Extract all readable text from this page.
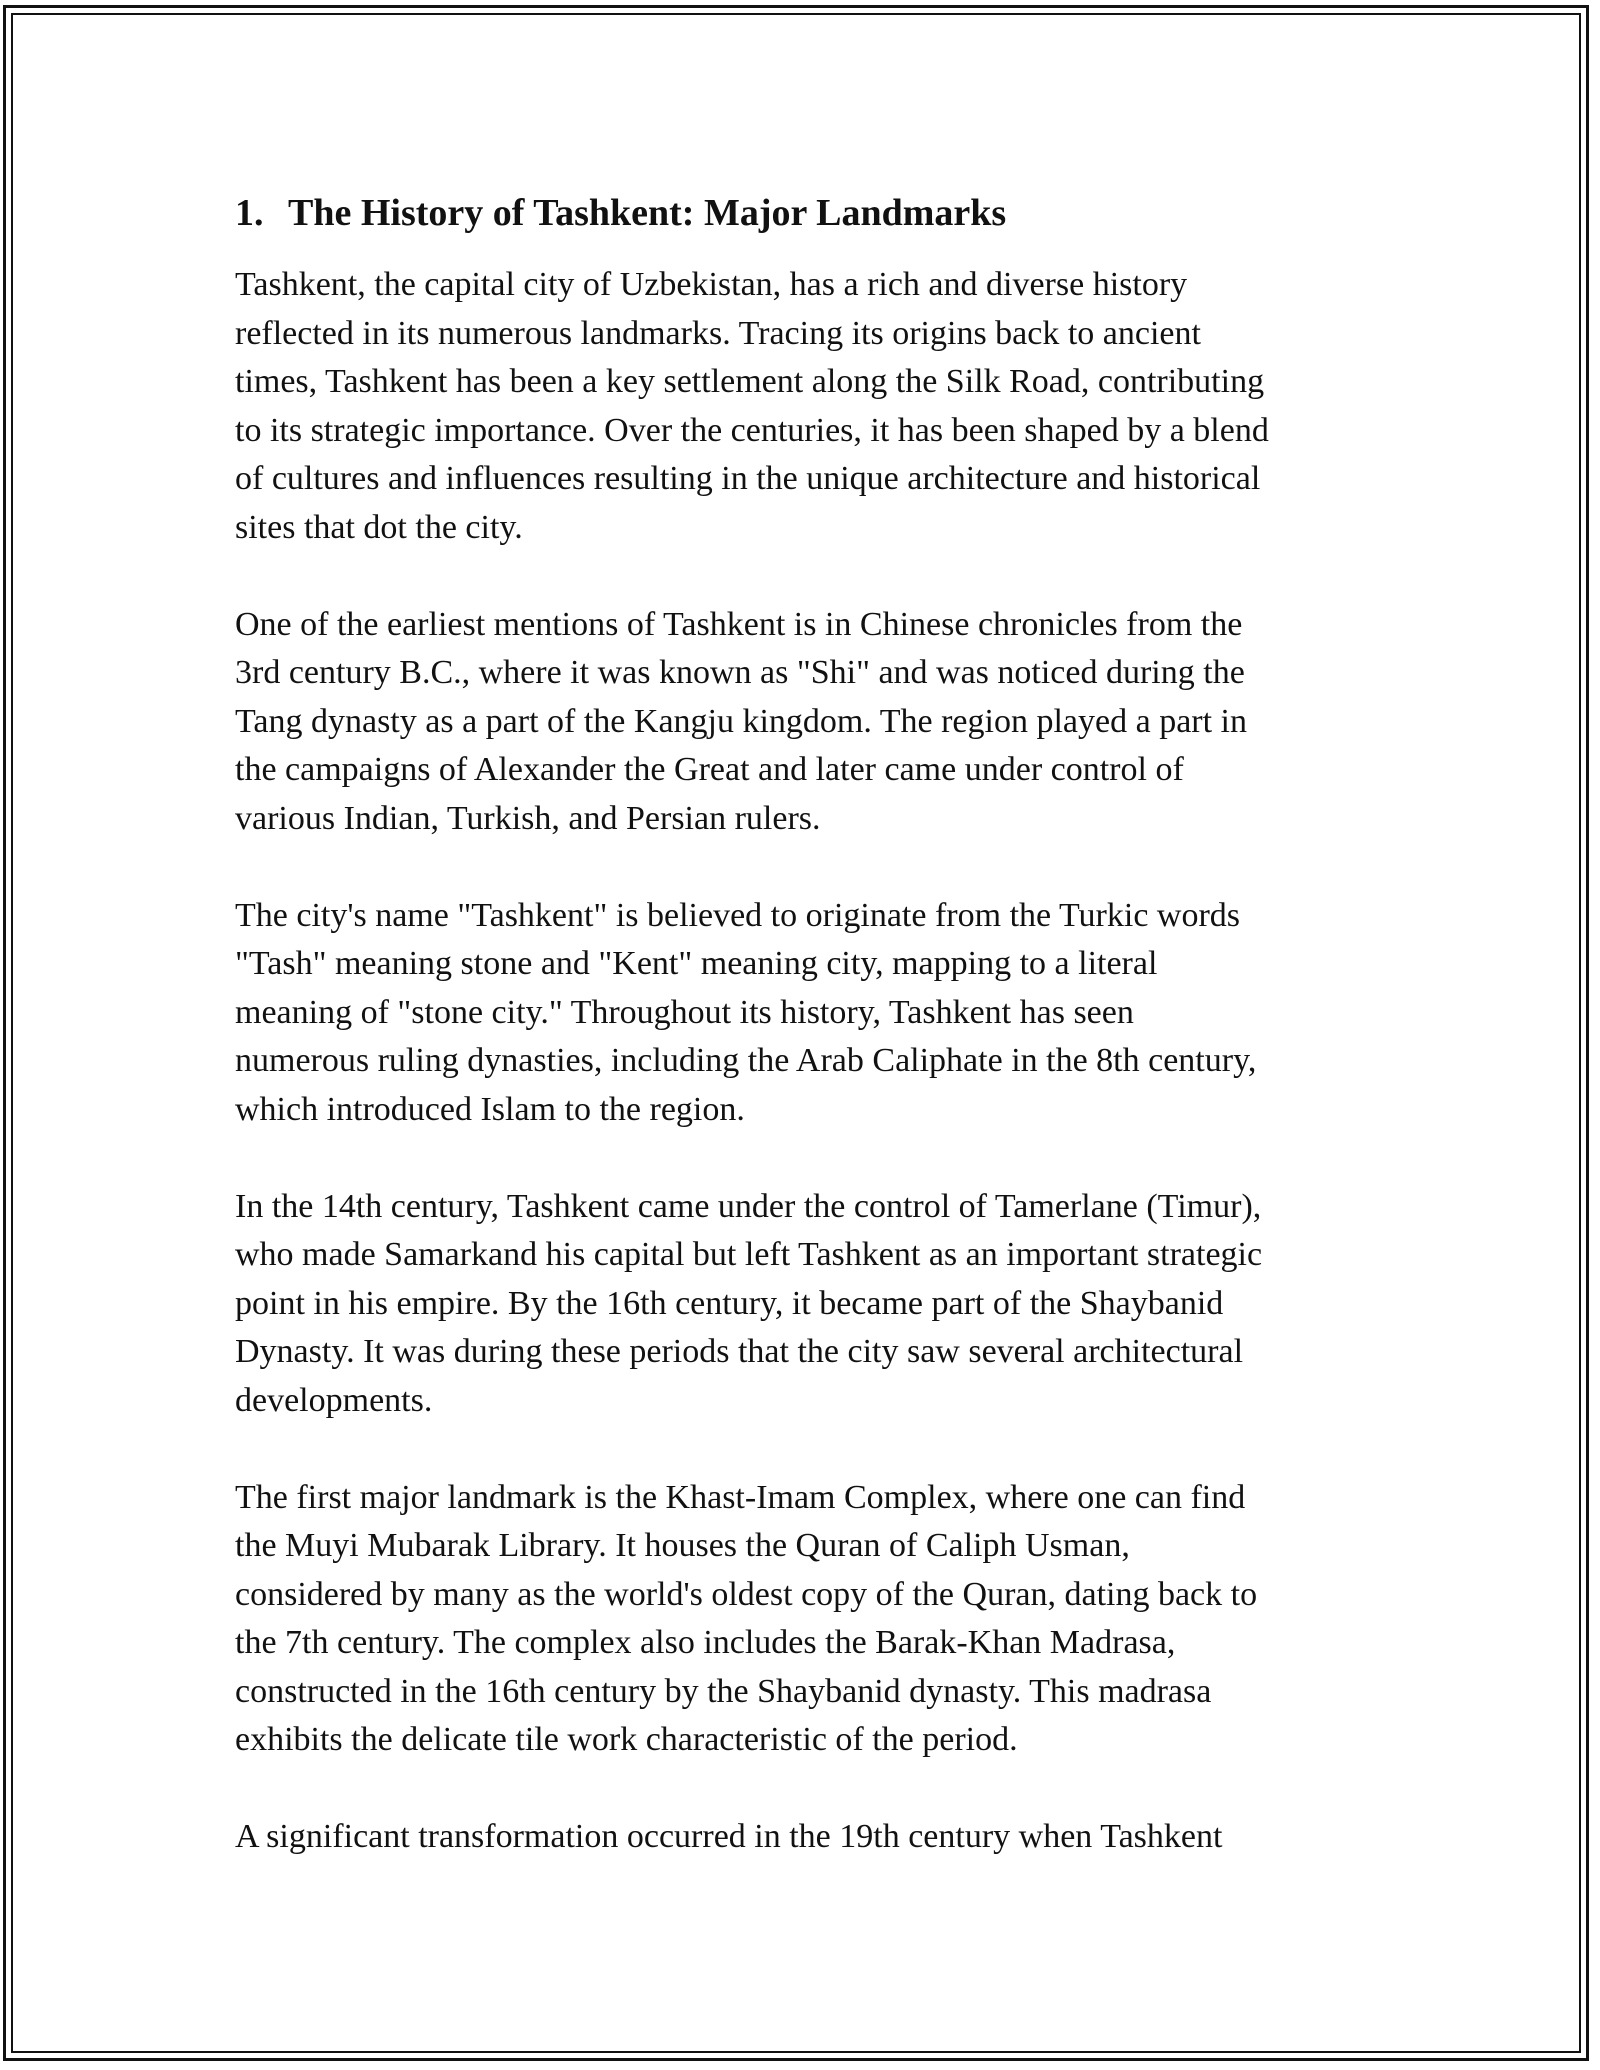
1. The History of Tashkent: Major Landmarks
Tashkent, the capital city of Uzbekistan, has a rich and diverse history
reflected in its numerous landmarks. Tracing its origins back to ancient
times, Tashkent has been a key settlement along the Silk Road, contributing
to its strategic importance. Over the centuries, it has been shaped by a blend
of cultures and influences resulting in the unique architecture and historical
sites that dot the city.
One of the earliest mentions of Tashkent is in Chinese chronicles from the
3rd century B.C., where it was known as "Shi" and was noticed during the
Tang dynasty as a part of the Kangju kingdom. The region played a part in
the campaigns of Alexander the Great and later came under control of
various Indian, Turkish, and Persian rulers.
The city's name "Tashkent" is believed to originate from the Turkic words
"Tash" meaning stone and "Kent" meaning city, mapping to a literal
meaning of "stone city." Throughout its history, Tashkent has seen
numerous ruling dynasties, including the Arab Caliphate in the 8th century,
which introduced Islam to the region.
In the 14th century, Tashkent came under the control of Tamerlane (Timur),
who made Samarkand his capital but left Tashkent as an important strategic
point in his empire. By the 16th century, it became part of the Shaybanid
Dynasty. It was during these periods that the city saw several architectural
developments.
The first major landmark is the Khast-Imam Complex, where one can find
the Muyi Mubarak Library. It houses the Quran of Caliph Usman,
considered by many as the world's oldest copy of the Quran, dating back to
the 7th century. The complex also includes the Barak-Khan Madrasa,
constructed in the 16th century by the Shaybanid dynasty. This madrasa
exhibits the delicate tile work characteristic of the period.
A significant transformation occurred in the 19th century when Tashkent
